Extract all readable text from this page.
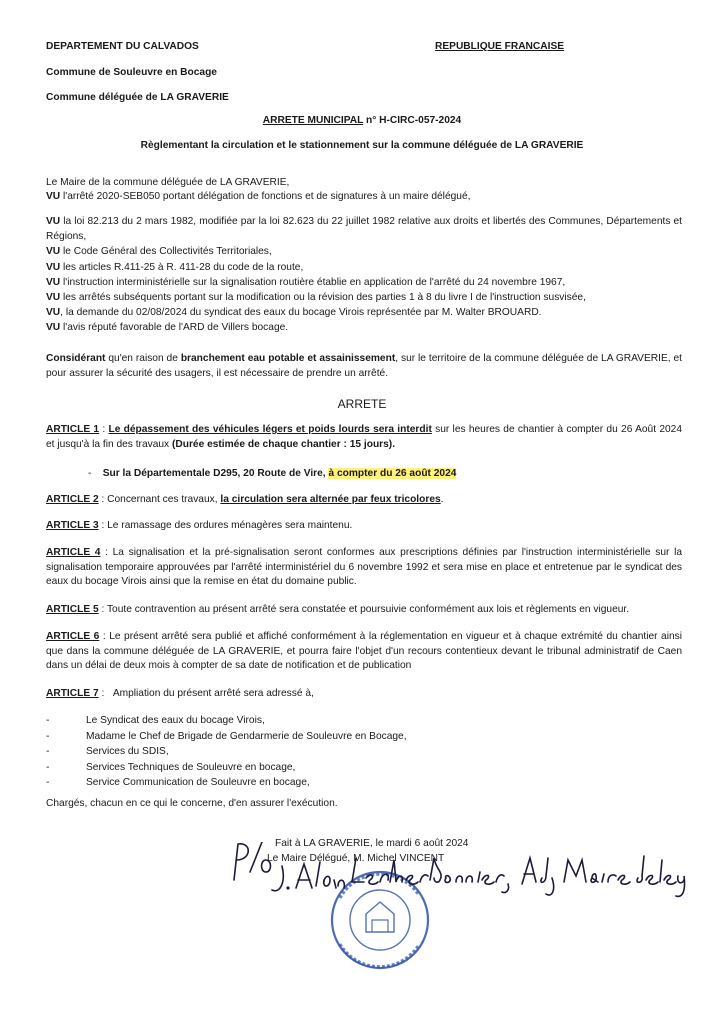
DEPARTEMENT DU CALVADOS	REPUBLIQUE FRANCAISE
Commune de Souleuvre en Bocage
Commune déléguée de LA GRAVERIE
ARRETE MUNICIPAL n° H-CIRC-057-2024
Règlementant la circulation et le stationnement sur la commune déléguée de LA GRAVERIE
Le Maire de la commune déléguée de LA GRAVERIE,
VU l'arrêté 2020-SEB050 portant délégation de fonctions et de signatures à un maire délégué,
VU la loi 82.213 du 2 mars 1982, modifiée par la loi 82.623 du 22 juillet 1982 relative aux droits et libertés des Communes, Départements et Régions,
VU le Code Général des Collectivités Territoriales,
VU les articles R.411-25 à R. 411-28 du code de la route,
VU l'instruction interministérielle sur la signalisation routière établie en application de l'arrêté du 24 novembre 1967,
VU les arrêtés subséquents portant sur la modification ou la révision des parties 1 à 8 du livre I de l'instruction susvisée,
VU, la demande du 02/08/2024 du syndicat des eaux du bocage Virois représentée par M. Walter BROUARD.
VU l'avis réputé favorable de l'ARD de Villers bocage.
Considérant qu'en raison de branchement eau potable et assainissement, sur le territoire de la commune déléguée de LA GRAVERIE, et pour assurer la sécurité des usagers, il est nécessaire de prendre un arrêté.
ARRETE
ARTICLE 1 : Le dépassement des véhicules légers et poids lourds sera interdit sur les heures de chantier à compter du 26 Août 2024 et jusqu'à la fin des travaux (Durée estimée de chaque chantier : 15 jours).
- Sur la Départementale D295, 20 Route de Vire, à compter du 26 août 2024
ARTICLE 2 : Concernant ces travaux, la circulation sera alternée par feux tricolores.
ARTICLE 3 : Le ramassage des ordures ménagères sera maintenu.
ARTICLE 4 : La signalisation et la pré-signalisation seront conformes aux prescriptions définies par l'instruction interministérielle sur la signalisation temporaire approuvées par l'arrêté interministériel du 6 novembre 1992 et sera mise en place et entretenue par le syndicat des eaux du bocage Virois ainsi que la remise en état du domaine public.
ARTICLE 5 : Toute contravention au présent arrêté sera constatée et poursuivie conformément aux lois et règlements en vigueur.
ARTICLE 6 : Le présent arrêté sera publié et affiché conformément à la réglementation en vigueur et à chaque extrémité du chantier ainsi que dans la commune déléguée de LA GRAVERIE, et pourra faire l'objet d'un recours contentieux devant le tribunal administratif de Caen dans un délai de deux mois à compter de sa date de notification et de publication
ARTICLE 7 :   Ampliation du présent arrêté sera adressé à,
- Le Syndicat des eaux du bocage Virois,
- Madame le Chef de Brigade de Gendarmerie de Souleuvre en Bocage,
- Services du SDIS,
- Services Techniques de Souleuvre en bocage,
- Service Communication de Souleuvre en bocage,
Chargés, chacun en ce qui le concerne, d'en assurer l'exécution.
Fait à LA GRAVERIE, le mardi 6 août 2024
Le Maire Délégué, M. Michel VINCENT
